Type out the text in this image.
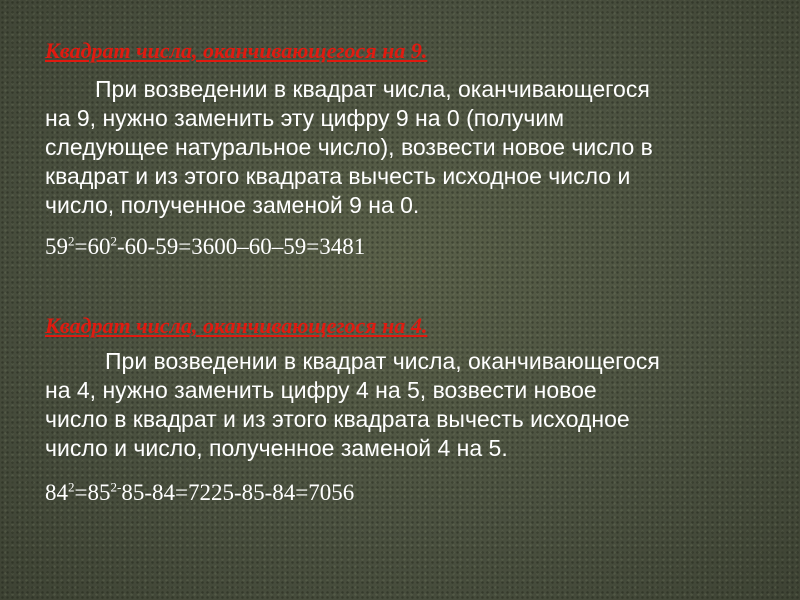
Квадрат числа, оканчивающегося на 9.
При возведении в квадрат числа, оканчивающегося
на 9, нужно заменить эту цифру 9 на 0 (получим
следующее натуральное число), возвести новое число в
квадрат и из этого квадрата вычесть исходное число и
число, полученное заменой 9 на 0.
$59^2=60^2-60-59=3600-60-59=3481$
Квадрат числа, оканчивающегося на 4.
При возведении в квадрат числа, оканчивающегося
на 4, нужно заменить цифру 4 на 5, возвести новое
число в квадрат и из этого квадрата вычесть исходное
число и число, полученное заменой 4 на 5.
$84^2=85^{2-}85-84=7225-85-84=7056$
